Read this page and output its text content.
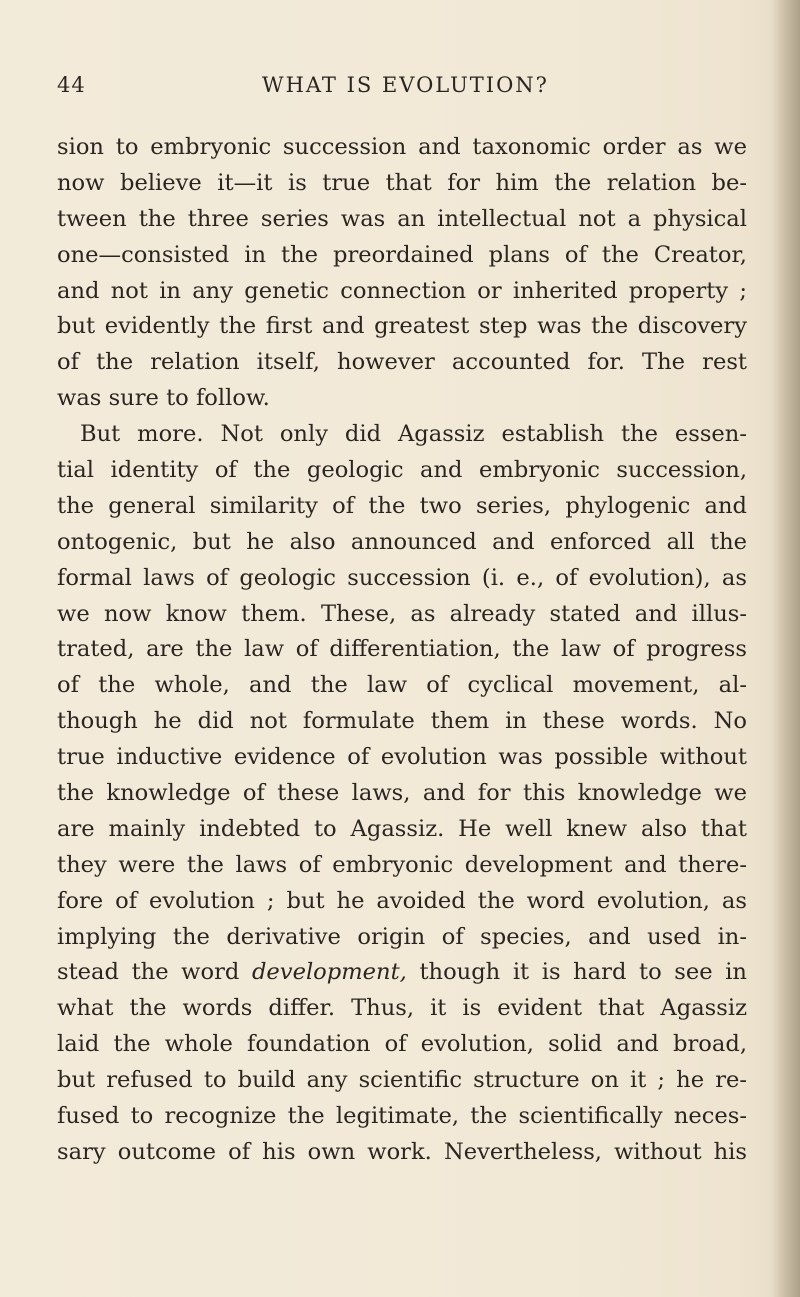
44	WHAT IS EVOLUTION?
sion to embryonic succession and taxonomic order as we
now believe it—it is true that for him the relation be-
tween the three series was an intellectual not a physical
one—consisted in the preordained plans of the Creator,
and not in any genetic connection or inherited property ;
but evidently the first and greatest step was the discovery
of the relation itself, however accounted for. The rest
was sure to follow.
But more. Not only did Agassiz establish the essen-
tial identity of the geologic and embryonic succession,
the general similarity of the two series, phylogenic and
ontogenic, but he also announced and enforced all the
formal laws of geologic succession (i. e., of evolution), as
we now know them. These, as already stated and illus-
trated, are the law of differentiation, the law of progress
of the whole, and the law of cyclical movement, al-
though he did not formulate them in these words. No
true inductive evidence of evolution was possible without
the knowledge of these laws, and for this knowledge we
are mainly indebted to Agassiz. He well knew also that
they were the laws of embryonic development and there-
fore of evolution ; but he avoided the word evolution, as
implying the derivative origin of species, and used in-
stead the word development, though it is hard to see in
what the words differ. Thus, it is evident that Agassiz
laid the whole foundation of evolution, solid and broad,
but refused to build any scientific structure on it ; he re-
fused to recognize the legitimate, the scientifically neces-
sary outcome of his own work. Nevertheless, without his
